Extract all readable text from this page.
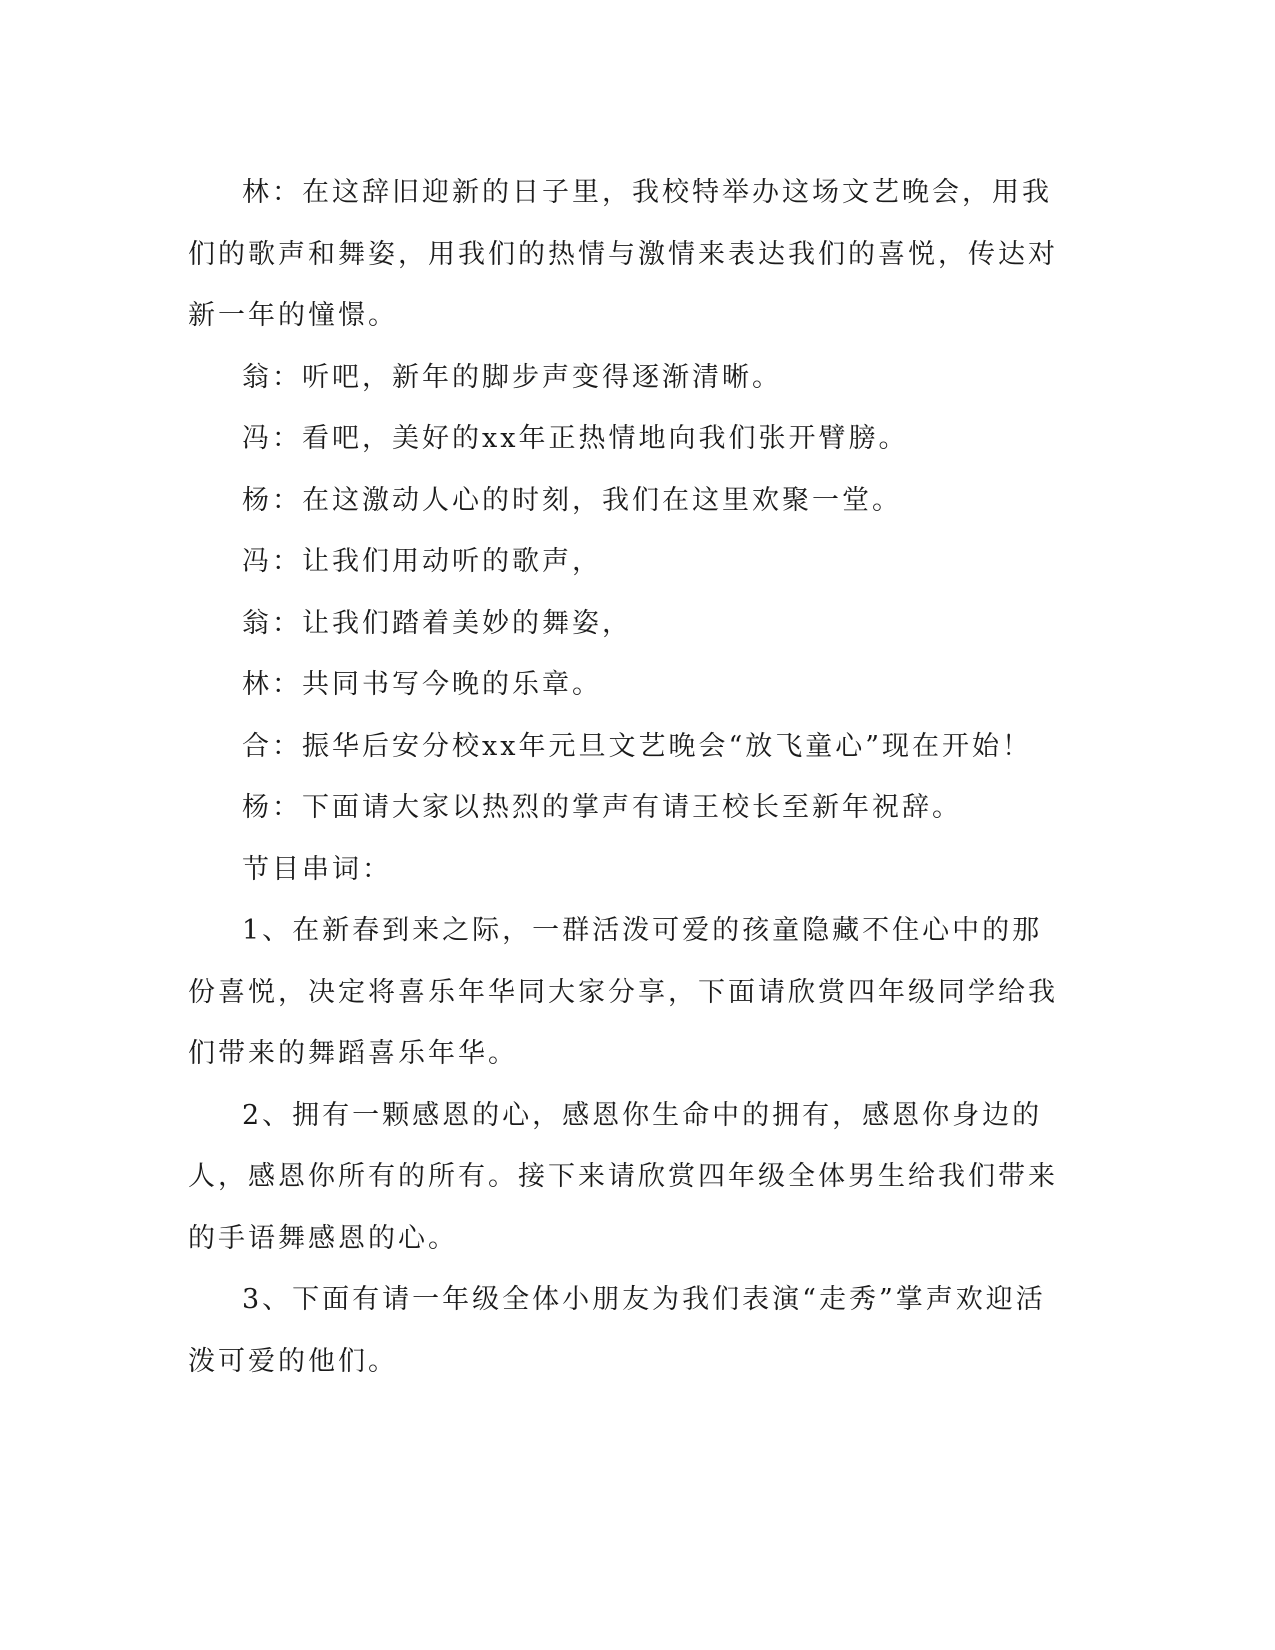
林：在这辞旧迎新的日子里，我校特举办这场文艺晚会，用我们的歌声和舞姿，用我们的热情与激情来表达我们的喜悦，传达对新一年的憧憬。

翁：听吧，新年的脚步声变得逐渐清晰。

冯：看吧，美好的xx年正热情地向我们张开臂膀。

杨：在这激动人心的时刻，我们在这里欢聚一堂。

冯：让我们用动听的歌声，

翁：让我们踏着美妙的舞姿，

林：共同书写今晚的乐章。

合：振华后安分校xx年元旦文艺晚会“放飞童心”现在开始！

杨：下面请大家以热烈的掌声有请王校长至新年祝辞。

节目串词：

1、在新春到来之际，一群活泼可爱的孩童隐藏不住心中的那份喜悦，决定将喜乐年华同大家分享，下面请欣赏四年级同学给我们带来的舞蹈喜乐年华。

2、拥有一颗感恩的心，感恩你生命中的拥有，感恩你身边的人，感恩你所有的所有。接下来请欣赏四年级全体男生给我们带来的手语舞感恩的心。

3、下面有请一年级全体小朋友为我们表演“走秀”掌声欢迎活泼可爱的他们。
